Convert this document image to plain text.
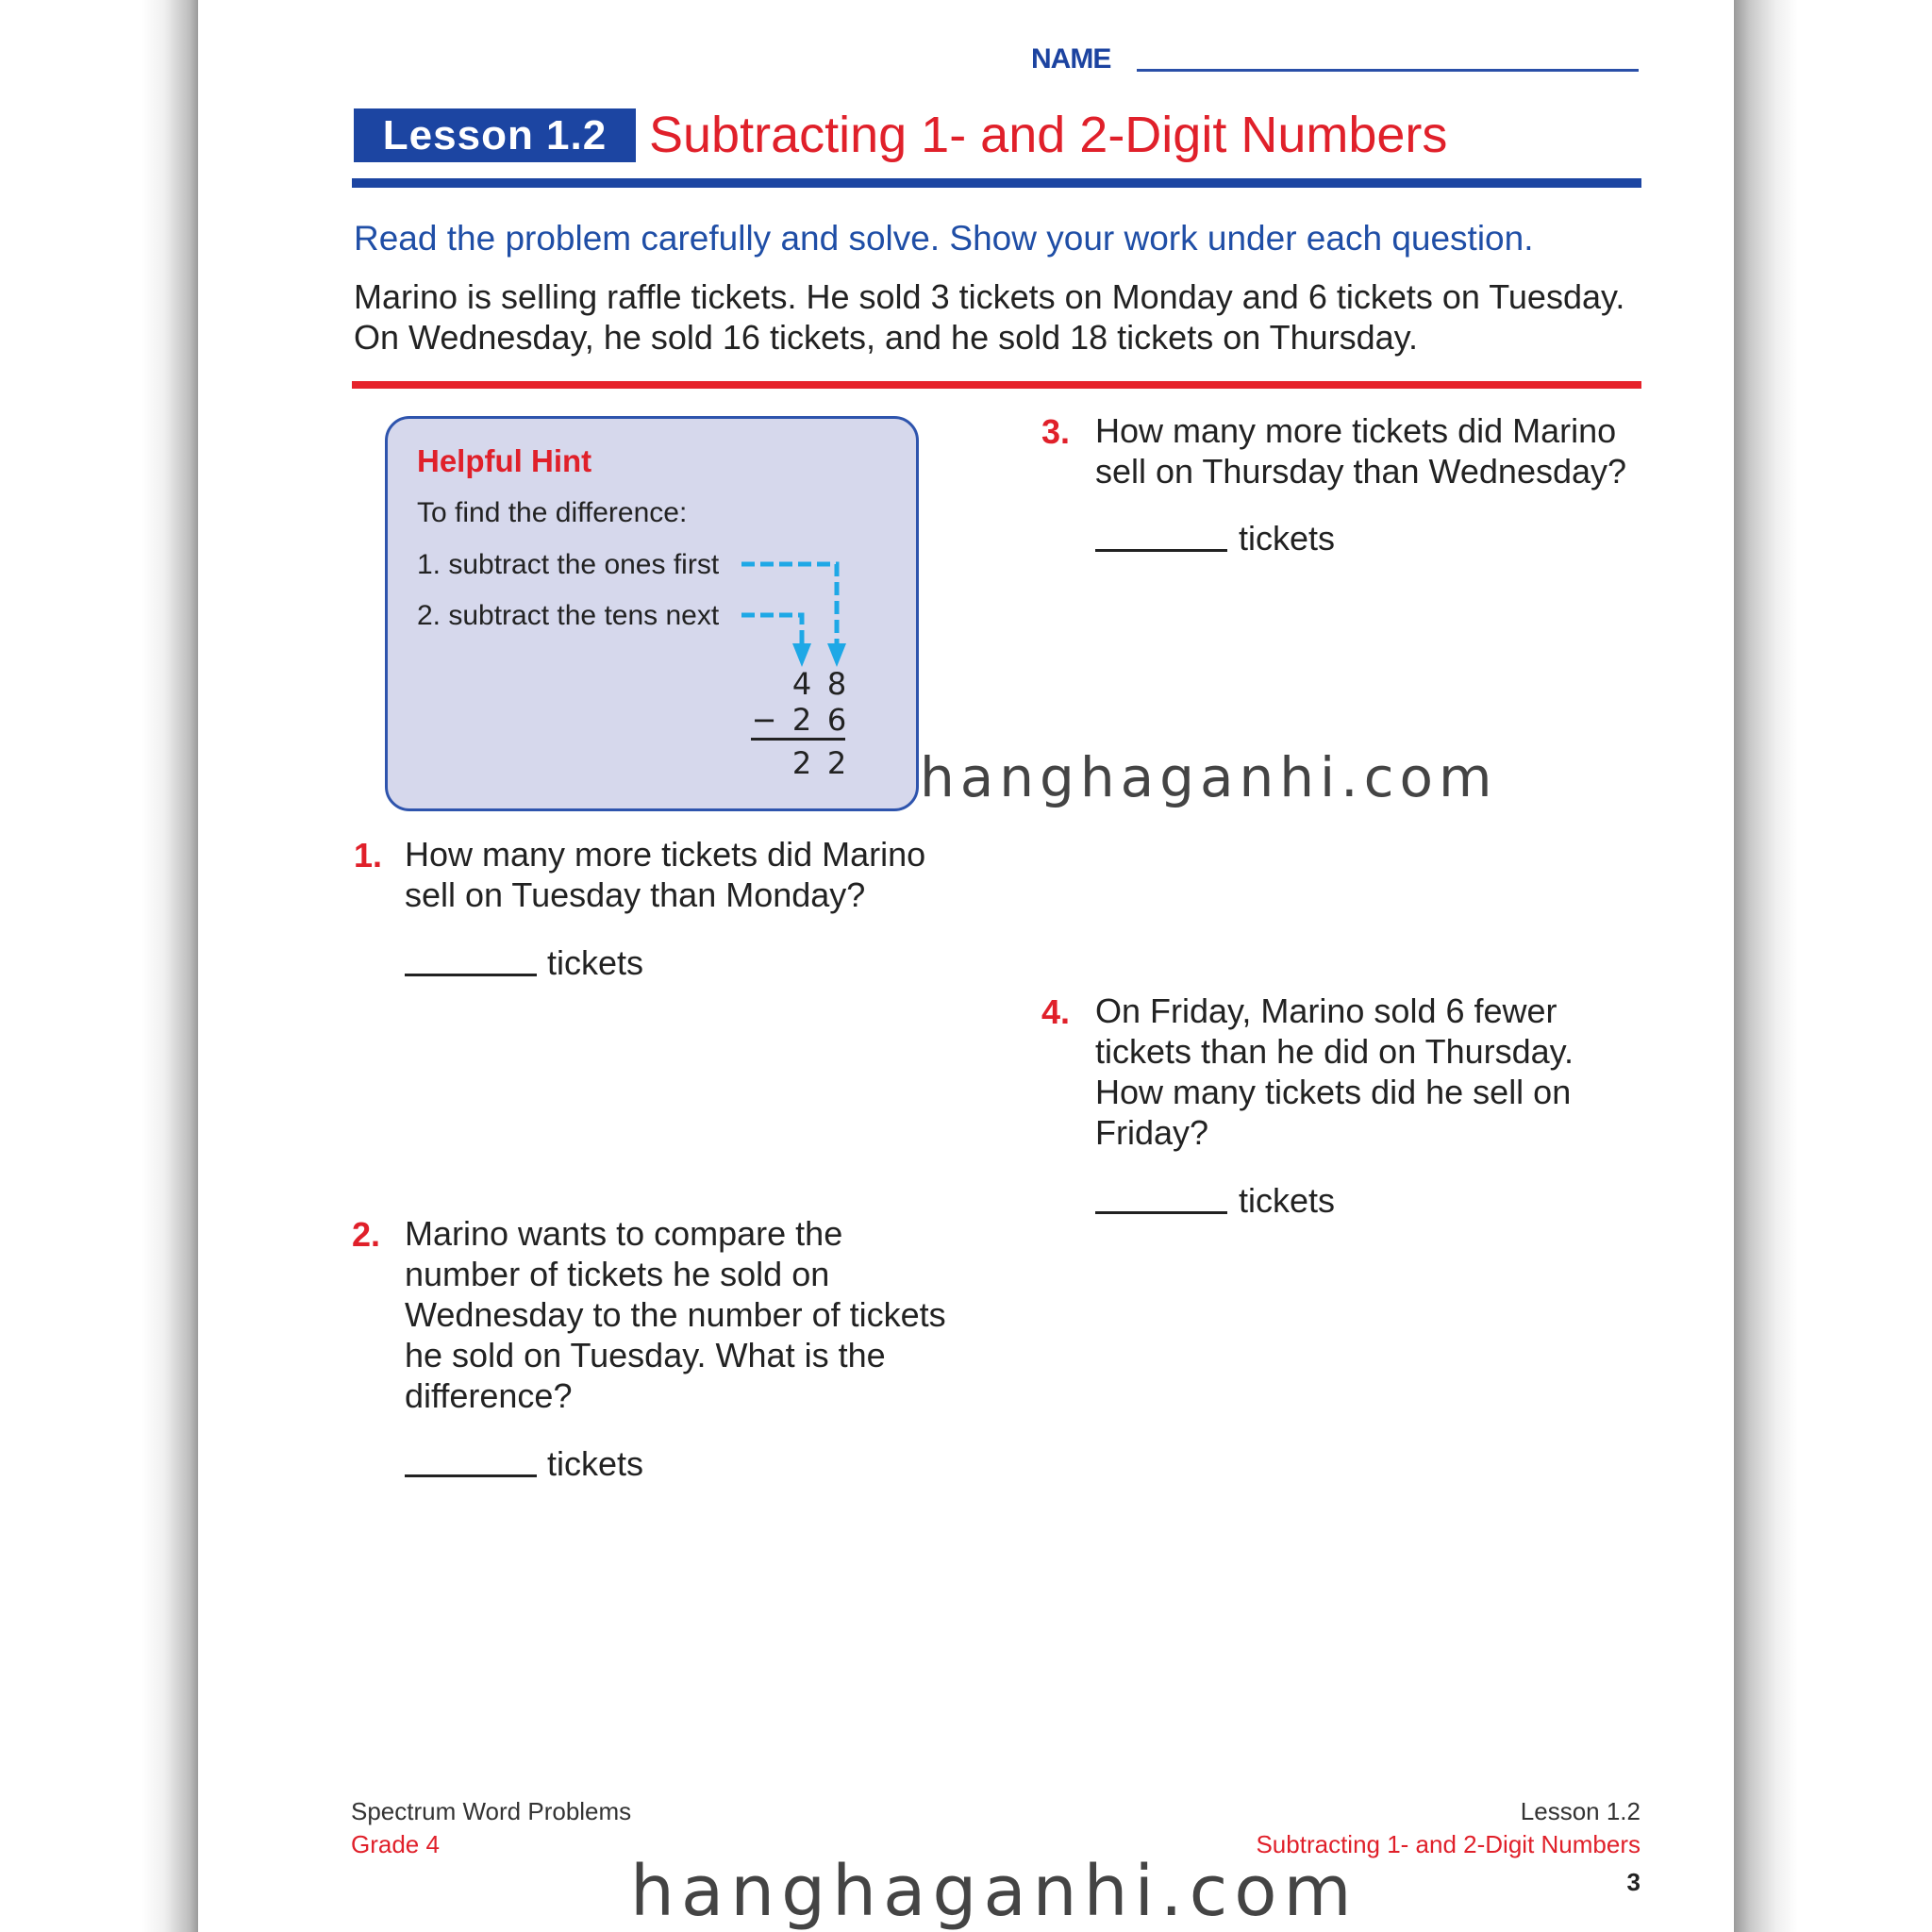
NAME
Lesson 1.2 Subtracting 1- and 2-Digit Numbers
Read the problem carefully and solve. Show your work under each question.
Marino is selling raffle tickets. He sold 3 tickets on Monday and 6 tickets on Tuesday. On Wednesday, he sold 16 tickets, and he sold 18 tickets on Thursday.
Helpful Hint
To find the difference:
1. subtract the ones first
2. subtract the tens next
4 8
− 2 6
2 2 hanghaganhi.com
3. How many more tickets did Marino
sell on Thursday than Wednesday?
tickets
1. How many more tickets did Marino
sell on Tuesday than Monday?
tickets
4. On Friday, Marino sold 6 fewer
tickets than he did on Thursday.
How many tickets did he sell on
Friday?
tickets
2. Marino wants to compare the
number of tickets he sold on
Wednesday to the number of tickets
he sold on Tuesday. What is the
difference?
tickets
Spectrum Word Problems
Grade 4
Lesson 1.2
Subtracting 1- and 2-Digit Numbers
3
hanghaganhi.com
